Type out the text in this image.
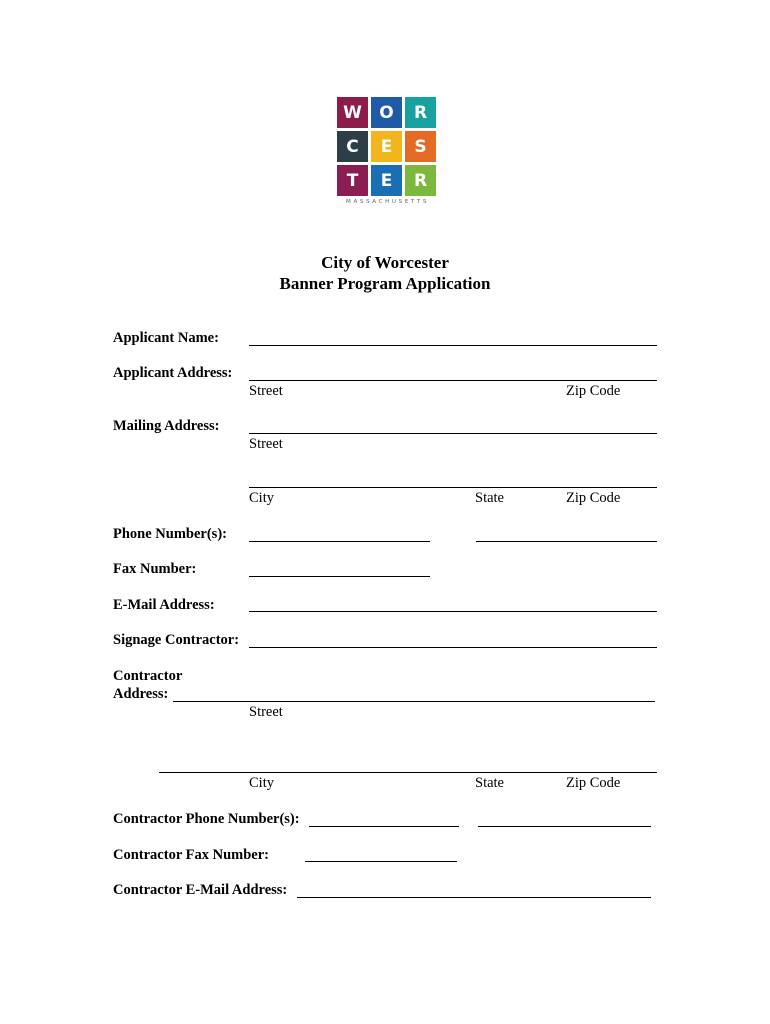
W	O	R
C	E	S
T	E	R
MASSACHUSETTS
City of Worcester
Banner Program Application
Applicant Name:
Applicant Address:
Street	Zip Code
Mailing Address:
Street
City	State	Zip Code
Phone Number(s):
Fax Number:
E-Mail Address:
Signage Contractor:
Contractor
Address:
Street
City	State	Zip Code
Contractor Phone Number(s):
Contractor Fax Number:
Contractor E-Mail Address:
